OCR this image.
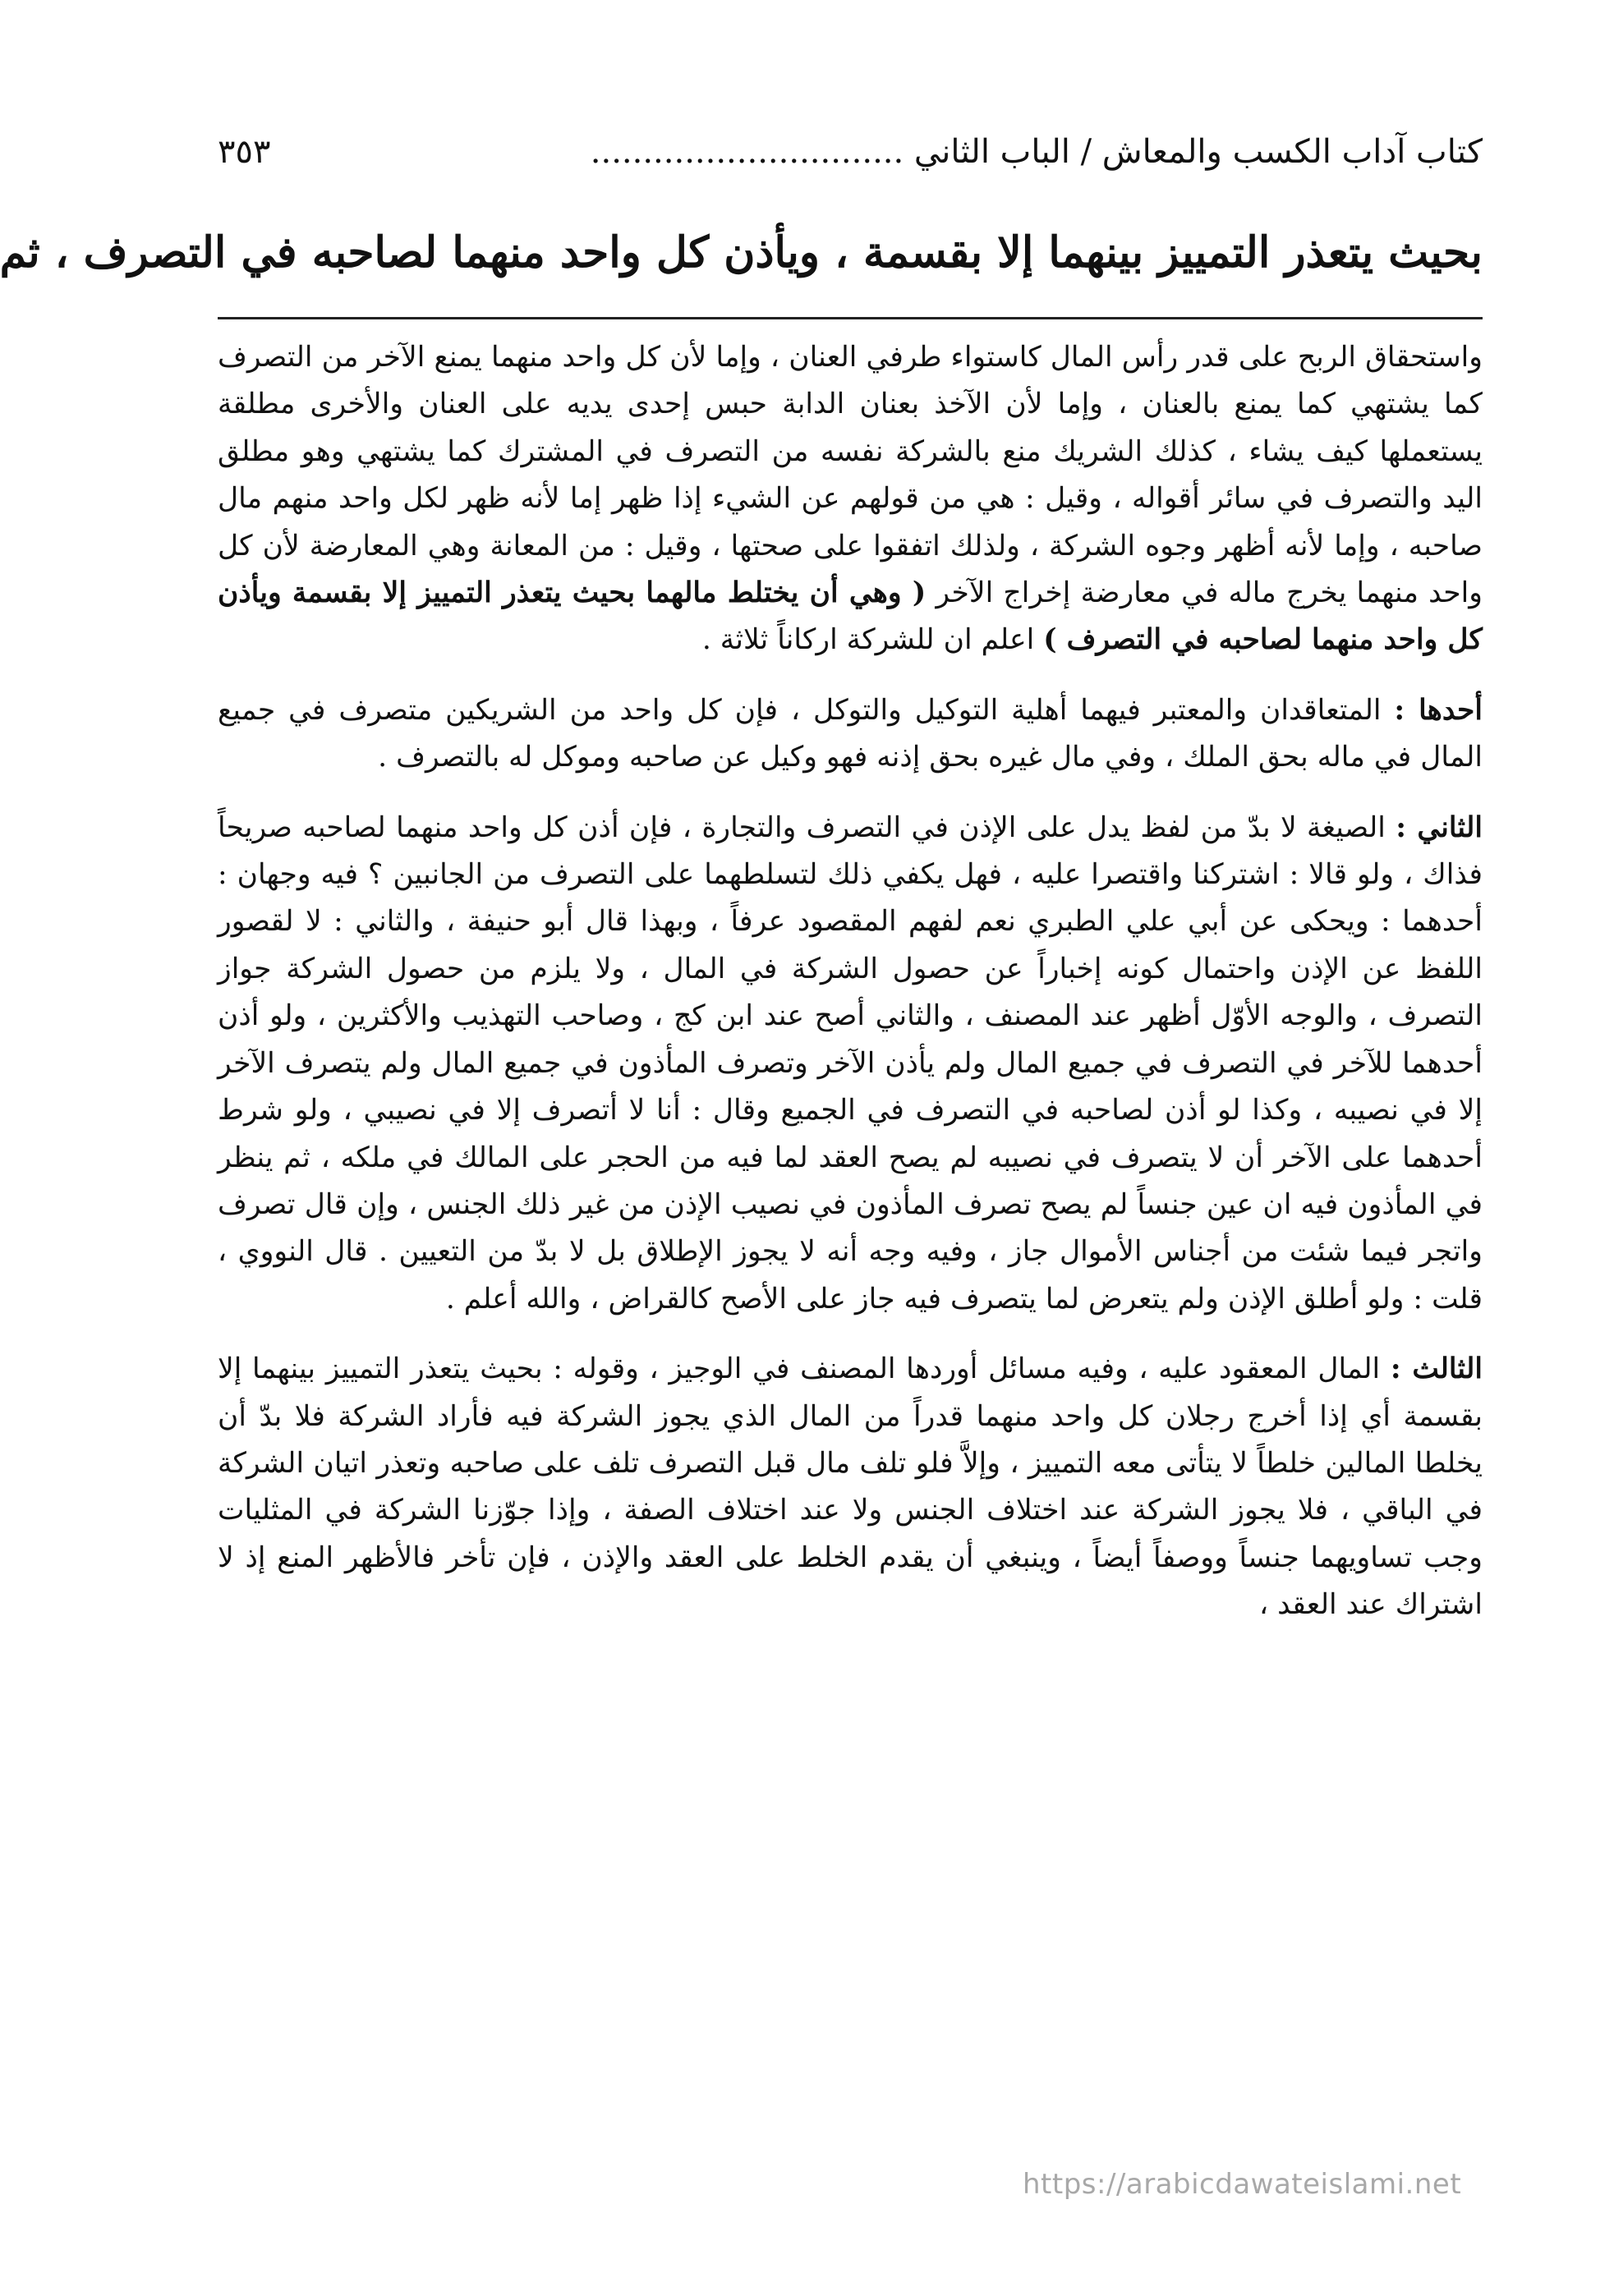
كتاب آداب الكسب والمعاش / الباب الثاني ..............................
٣٥٣
بحيث يتعذر التمييز بينهما إلا بقسمة ، ويأذن كل واحد منهما لصاحبه في التصرف ، ثم

واستحقاق الربح على قدر رأس المال كاستواء طرفي العنان ، وإما لأن كل واحد منهما يمنع الآخر من التصرف كما يشتهي كما يمنع بالعنان ، وإما لأن الآخذ بعنان الدابة حبس إحدى يديه على العنان والأخرى مطلقة يستعملها كيف يشاء ، كذلك الشريك منع بالشركة نفسه من التصرف في المشترك كما يشتهي وهو مطلق اليد والتصرف في سائر أقواله ، وقيل : هي من قولهم عن الشيء إذا ظهر إما لأنه ظهر لكل واحد منهم مال صاحبه ، وإما لأنه أظهر وجوه الشركة ، ولذلك اتفقوا على صحتها ، وقيل : من المعانة وهي المعارضة لأن كل واحد منهما يخرج ماله في معارضة إخراج الآخر ( وهي أن يختلط مالهما بحيث يتعذر التمييز إلا بقسمة ويأذن كل واحد منهما لصاحبه في التصرف ) اعلم ان للشركة اركاناً ثلاثة .

أحدها : المتعاقدان والمعتبر فيهما أهلية التوكيل والتوكل ، فإن كل واحد من الشريكين متصرف في جميع المال في ماله بحق الملك ، وفي مال غيره بحق إذنه فهو وكيل عن صاحبه وموكل له بالتصرف .

الثاني : الصيغة لا بدّ من لفظ يدل على الإذن في التصرف والتجارة ، فإن أذن كل واحد منهما لصاحبه صريحاً فذاك ، ولو قالا : اشتركنا واقتصرا عليه ، فهل يكفي ذلك لتسلطهما على التصرف من الجانبين ؟ فيه وجهان : أحدهما : ويحكى عن أبي علي الطبري نعم لفهم المقصود عرفاً ، وبهذا قال أبو حنيفة ، والثاني : لا لقصور اللفظ عن الإذن واحتمال كونه إخباراً عن حصول الشركة في المال ، ولا يلزم من حصول الشركة جواز التصرف ، والوجه الأوّل أظهر عند المصنف ، والثاني أصح عند ابن كج ، وصاحب التهذيب والأكثرين ، ولو أذن أحدهما للآخر في التصرف في جميع المال ولم يأذن الآخر وتصرف المأذون في جميع المال ولم يتصرف الآخر إلا في نصيبه ، وكذا لو أذن لصاحبه في التصرف في الجميع وقال : أنا لا أتصرف إلا في نصيبي ، ولو شرط أحدهما على الآخر أن لا يتصرف في نصيبه لم يصح العقد لما فيه من الحجر على المالك في ملكه ، ثم ينظر في المأذون فيه ان عين جنساً لم يصح تصرف المأذون في نصيب الإذن من غير ذلك الجنس ، وإن قال تصرف واتجر فيما شئت من أجناس الأموال جاز ، وفيه وجه أنه لا يجوز الإطلاق بل لا بدّ من التعيين . قال النووي ، قلت : ولو أطلق الإذن ولم يتعرض لما يتصرف فيه جاز على الأصح كالقراض ، والله أعلم .

الثالث : المال المعقود عليه ، وفيه مسائل أوردها المصنف في الوجيز ، وقوله : بحيث يتعذر التمييز بينهما إلا بقسمة أي إذا أخرج رجلان كل واحد منهما قدراً من المال الذي يجوز الشركة فيه فأراد الشركة فلا بدّ أن يخلطا المالين خلطاً لا يتأتى معه التمييز ، وإلاَّ فلو تلف مال قبل التصرف تلف على صاحبه وتعذر اتيان الشركة في الباقي ، فلا يجوز الشركة عند اختلاف الجنس ولا عند اختلاف الصفة ، وإذا جوّزنا الشركة في المثليات وجب تساويهما جنساً ووصفاً أيضاً ، وينبغي أن يقدم الخلط على العقد والإذن ، فإن تأخر فالأظهر المنع إذ لا اشتراك عند العقد ،

https://arabicdawateislami.net
